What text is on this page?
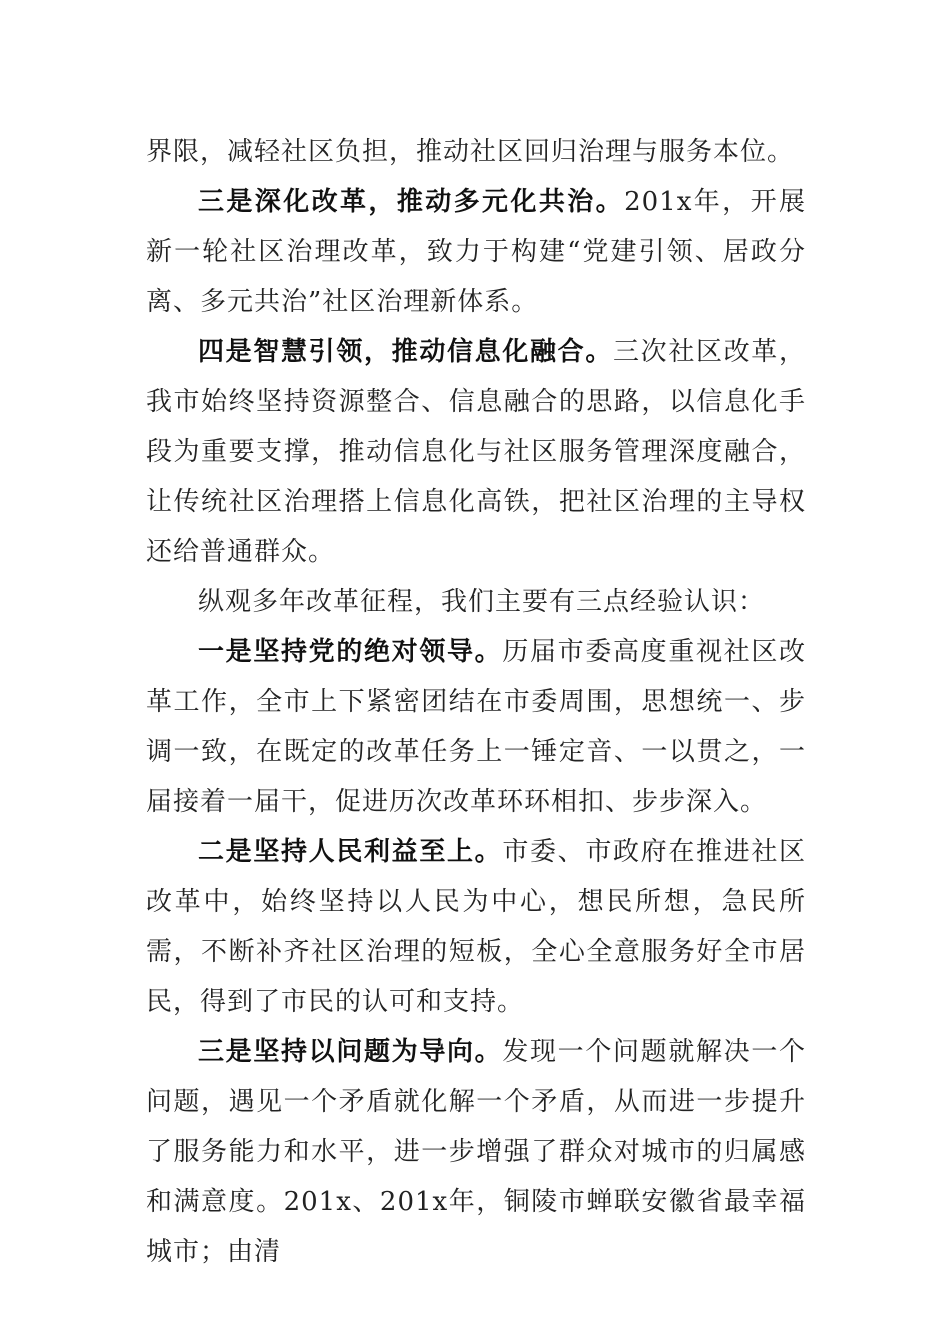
界限，减轻社区负担，推动社区回归治理与服务本位。

三是深化改革，推动多元化共治。201x年，开展新一轮社区治理改革，致力于构建“党建引领、居政分离、多元共治”社区治理新体系。

四是智慧引领，推动信息化融合。三次社区改革，我市始终坚持资源整合、信息融合的思路，以信息化手段为重要支撑，推动信息化与社区服务管理深度融合，让传统社区治理搭上信息化高铁，把社区治理的主导权还给普通群众。

纵观多年改革征程，我们主要有三点经验认识：

一是坚持党的绝对领导。历届市委高度重视社区改革工作，全市上下紧密团结在市委周围，思想统一、步调一致，在既定的改革任务上一锤定音、一以贯之，一届接着一届干，促进历次改革环环相扣、步步深入。

二是坚持人民利益至上。市委、市政府在推进社区改革中，始终坚持以人民为中心，想民所想，急民所需，不断补齐社区治理的短板，全心全意服务好全市居民，得到了市民的认可和支持。

三是坚持以问题为导向。发现一个问题就解决一个问题，遇见一个矛盾就化解一个矛盾，从而进一步提升了服务能力和水平，进一步增强了群众对城市的归属感和满意度。201x、201x年，铜陵市蝉联安徽省最幸福城市；由清
